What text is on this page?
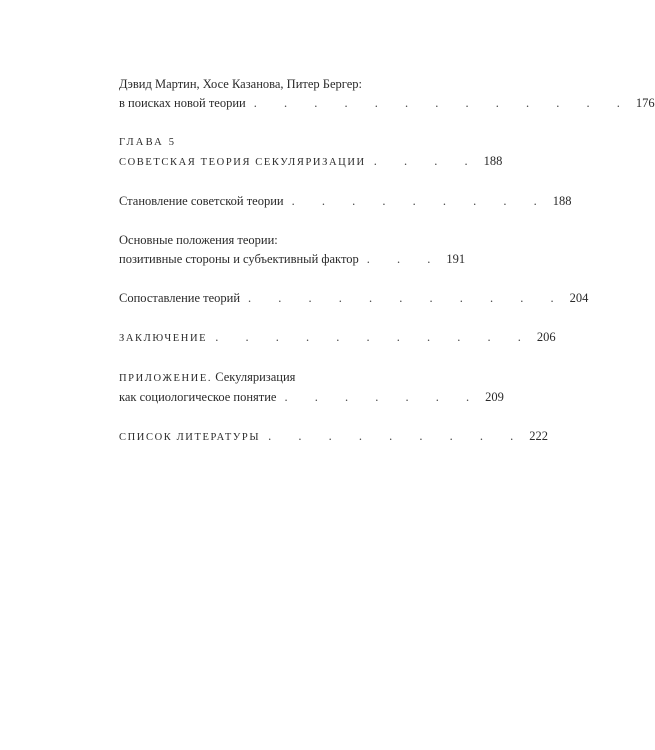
Дэвид Мартин, Хосе Казанова, Питер Бергер:
в поисках новой теории . . . . . . . . . . . . . 176
ГЛАВА 5
СОВЕТСКАЯ ТЕОРИЯ СЕКУЛЯРИЗАЦИИ . . . . 188
Становление советской теории . . . . . . . . . 188
Основные положения теории:
позитивные стороны и субъективный фактор . . . 191
Сопоставление теорий . . . . . . . . . . . 204
ЗАКЛЮЧЕНИЕ . . . . . . . . . . . 206
ПРИЛОЖЕНИЕ. Секуляризация
как социологическое понятие . . . . . . . 209
СПИСОК ЛИТЕРАТУРЫ . . . . . . . . . 222
